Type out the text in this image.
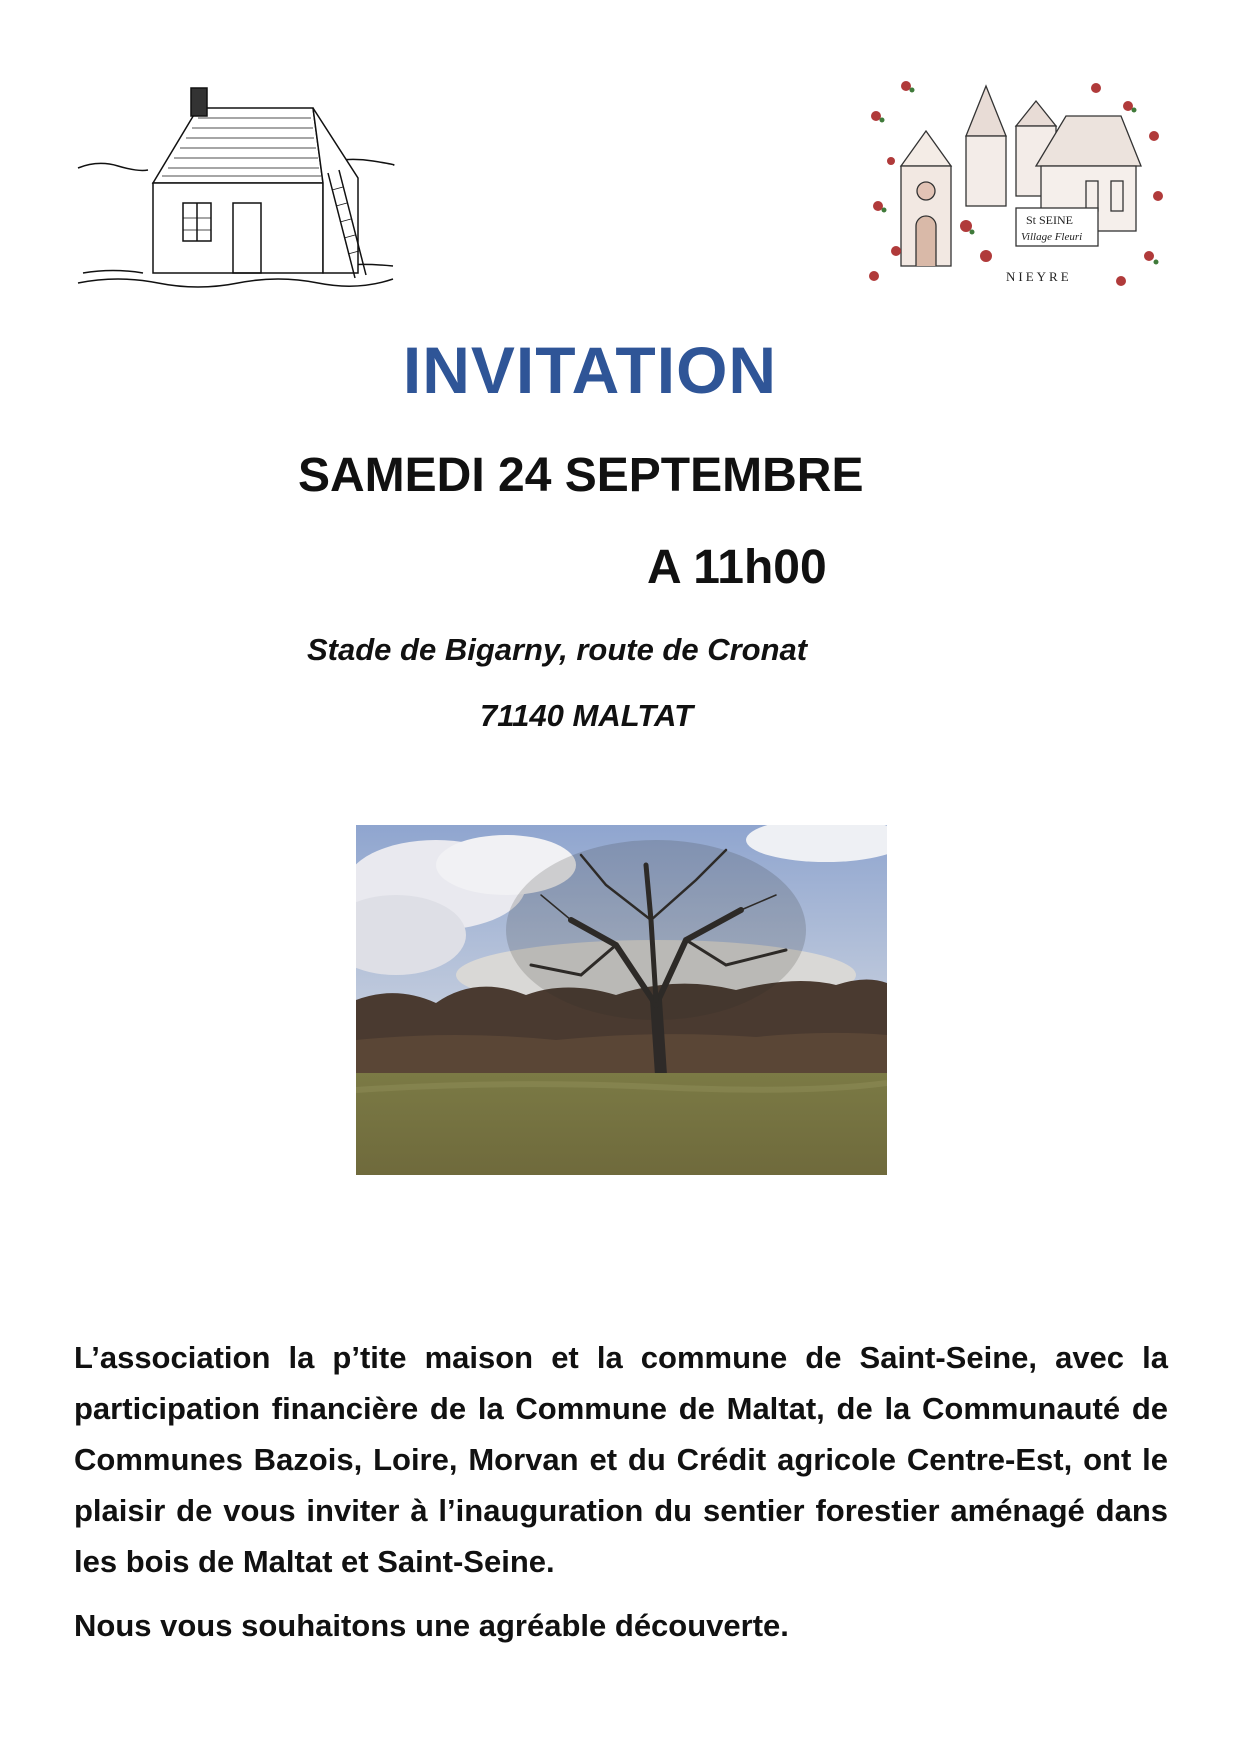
St SEINE
Village Fleuri
NIEYRE
INVITATION

SAMEDI 24 SEPTEMBRE

A 11h00

Stade de Bigarny, route de Cronat

71140 MALTAT

L’association la p’tite maison et la commune de Saint-Seine, avec la participation financière de la Commune de Maltat, de la Communauté de Communes Bazois, Loire, Morvan et du Crédit agricole Centre-Est, ont le plaisir de vous inviter à l’inauguration du sentier forestier aménagé dans les bois de Maltat et Saint-Seine.

Nous vous souhaitons une agréable découverte.
